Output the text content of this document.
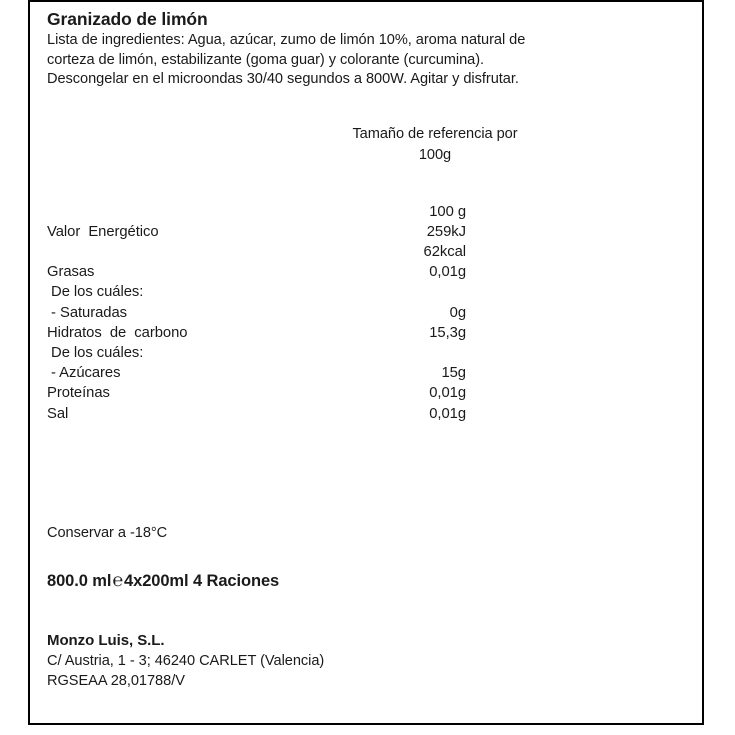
Granizado de limón
Lista de ingredientes: Agua, azúcar, zumo de limón 10%, aroma natural de
corteza de limón, estabilizante (goma guar) y colorante (curcumina).
Descongelar en el microondas 30/40 segundos a 800W. Agitar y disfrutar.
Tamaño de referencia por
100g
	100 g
Valor  Energético	259kJ
	62kcal
Grasas	0,01g
De los cuáles:	
- Saturadas	0g
Hidratos  de  carbono	15,3g
De los cuáles:	
- Azúcares	15g
Proteínas	0,01g
Sal	0,01g
Conservar a -18°C
800.0 ml℮4x200ml 4 Raciones
Monzo Luis, S.L.
C/ Austria, 1 - 3; 46240 CARLET (Valencia)
RGSEAA 28,01788/V
